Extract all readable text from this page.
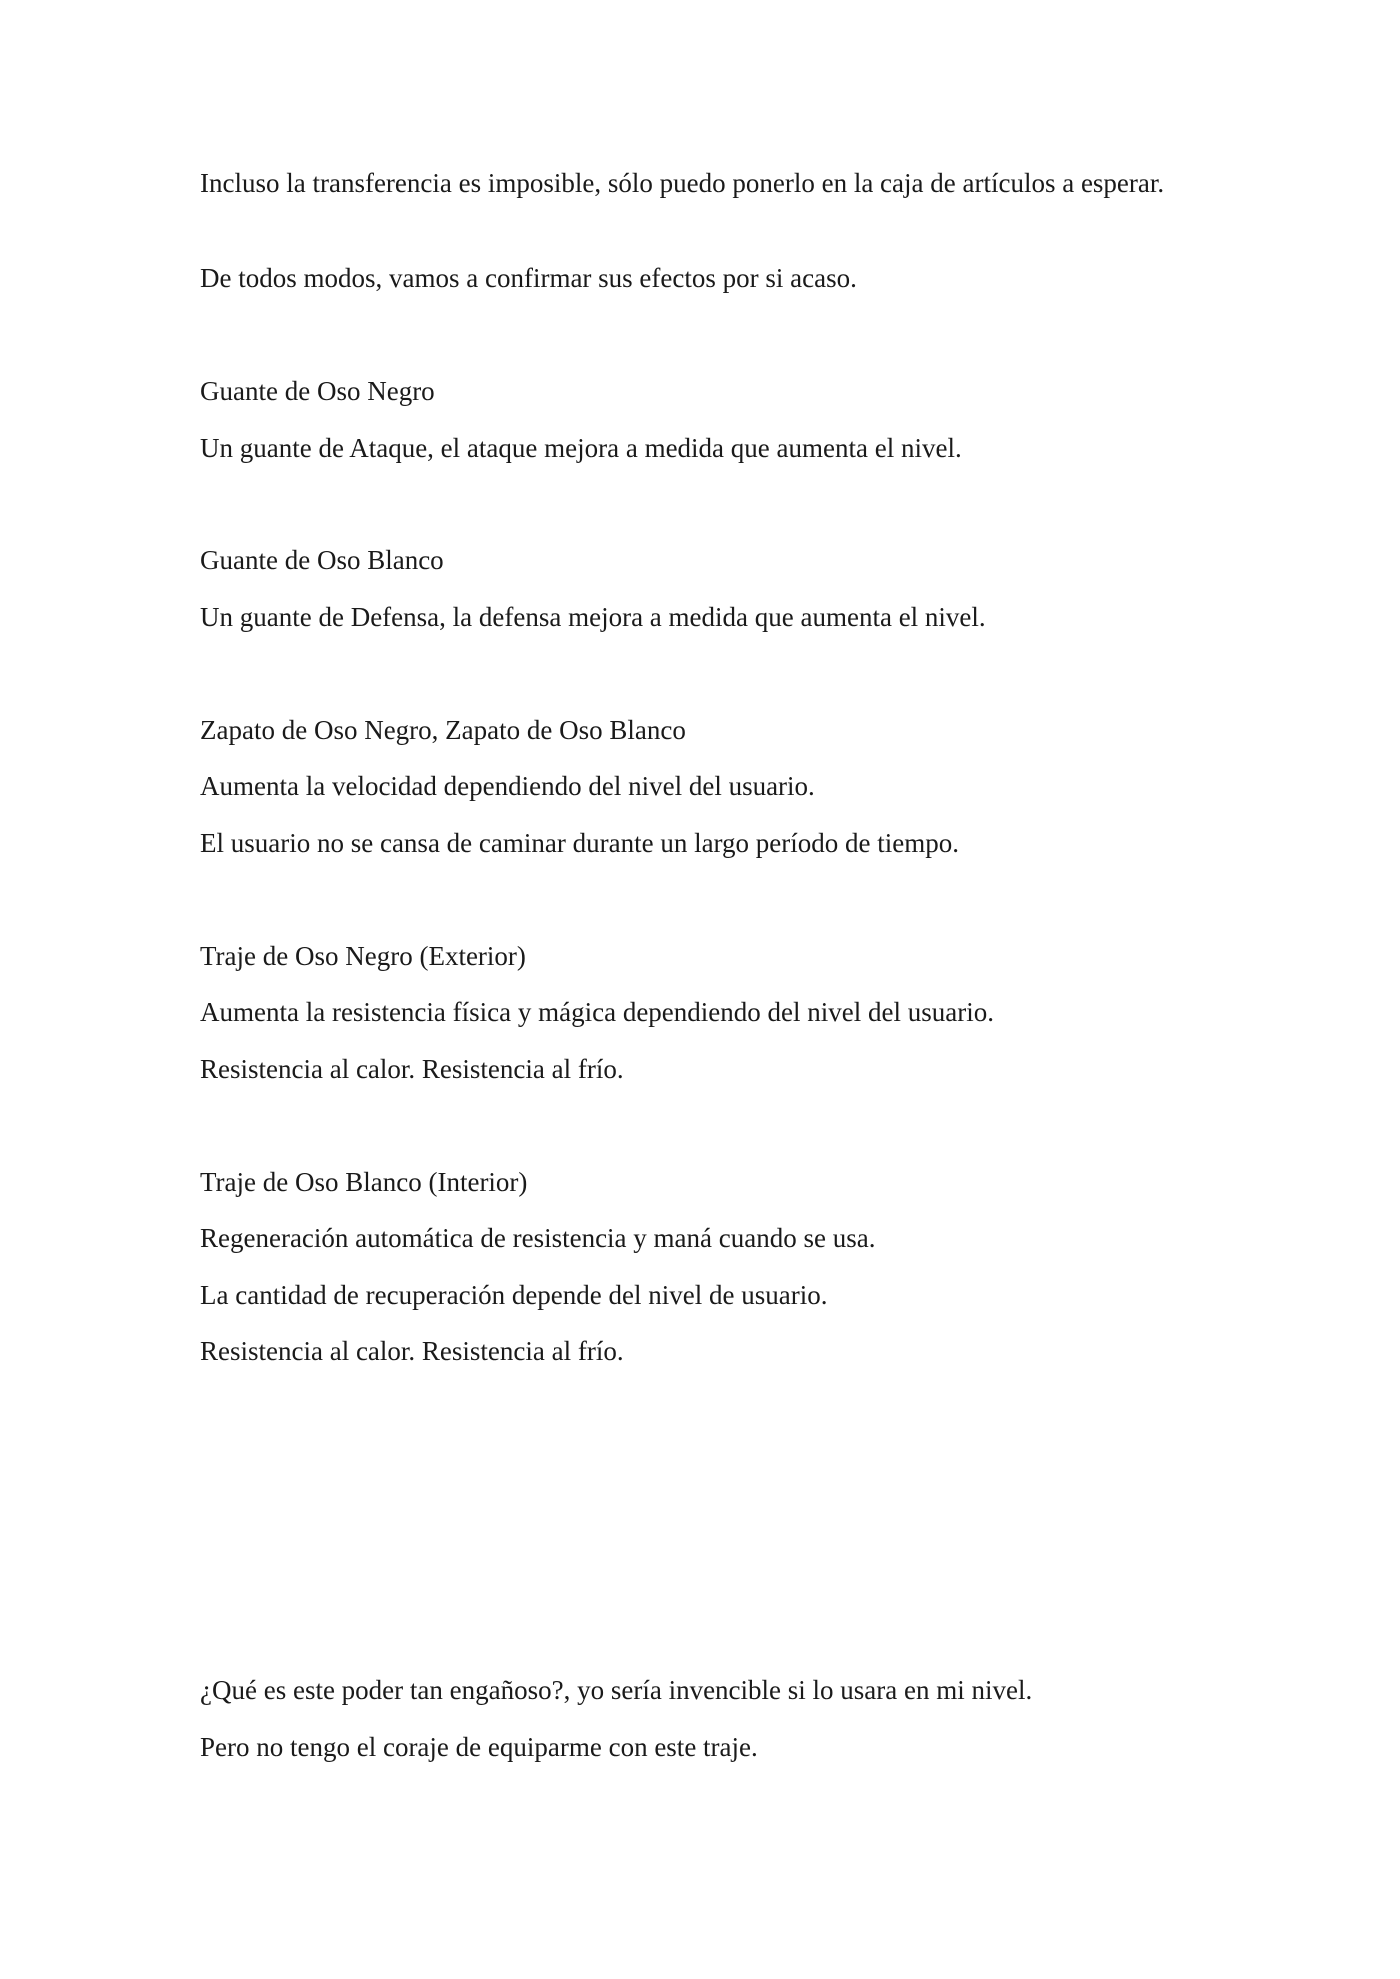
Incluso la transferencia es imposible, sólo puedo ponerlo en la caja de artículos a esperar.

De todos modos, vamos a confirmar sus efectos por si acaso.

Guante de Oso Negro

Un guante de Ataque, el ataque mejora a medida que aumenta el nivel.

Guante de Oso Blanco

Un guante de Defensa, la defensa mejora a medida que aumenta el nivel.

Zapato de Oso Negro, Zapato de Oso Blanco

Aumenta la velocidad dependiendo del nivel del usuario.

El usuario no se cansa de caminar durante un largo período de tiempo.

Traje de Oso Negro (Exterior)

Aumenta la resistencia física y mágica dependiendo del nivel del usuario.

Resistencia al calor. Resistencia al frío.

Traje de Oso Blanco (Interior)

Regeneración automática de resistencia y maná cuando se usa.

La cantidad de recuperación depende del nivel de usuario.

Resistencia al calor. Resistencia al frío.

¿Qué es este poder tan engañoso?, yo sería invencible si lo usara en mi nivel.

Pero no tengo el coraje de equiparme con este traje.
